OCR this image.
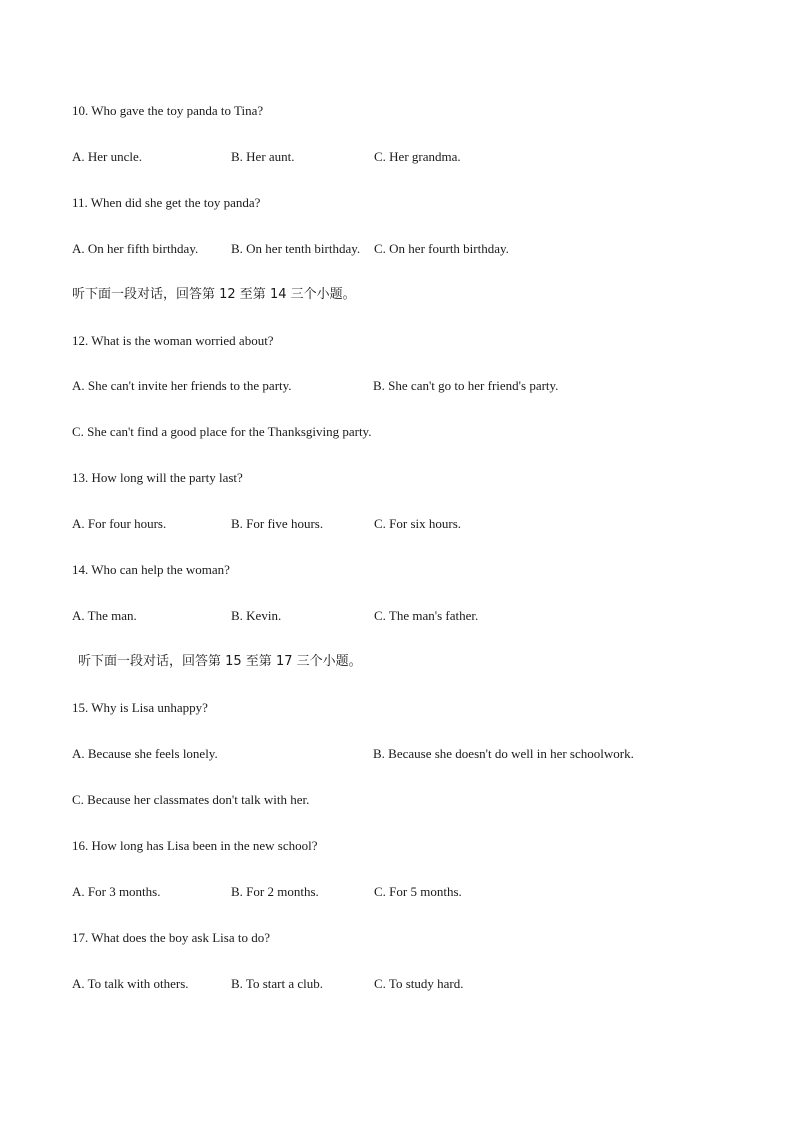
10. Who gave the toy panda to Tina?
A. Her uncle.	B. Her aunt.	C. Her grandma.
11. When did she get the toy panda?
A. On her fifth birthday.	B. On her tenth birthday. C. On her fourth birthday.
听下面一段对话，回答第 12 至第 14 三个小题。
12. What is the woman worried about?
A. She can't invite her friends to the party.	B. She can't go to her friend's party.
C. She can't find a good place for the Thanksgiving party.
13. How long will the party last?
A. For four hours.	B. For five hours.	C. For six hours.
14. Who can help the woman?
A. The man.	B. Kevin.	C. The man's father.
听下面一段对话，回答第 15 至第 17 三个小题。
15. Why is Lisa unhappy?
A. Because she feels lonely.	B. Because she doesn't do well in her schoolwork.
C. Because her classmates don't talk with her.
16. How long has Lisa been in the new school?
A. For 3 months.	B. For 2 months.	C. For 5 months.
17. What does the boy ask Lisa to do?
A. To talk with others.	B. To start a club.	C. To study hard.
